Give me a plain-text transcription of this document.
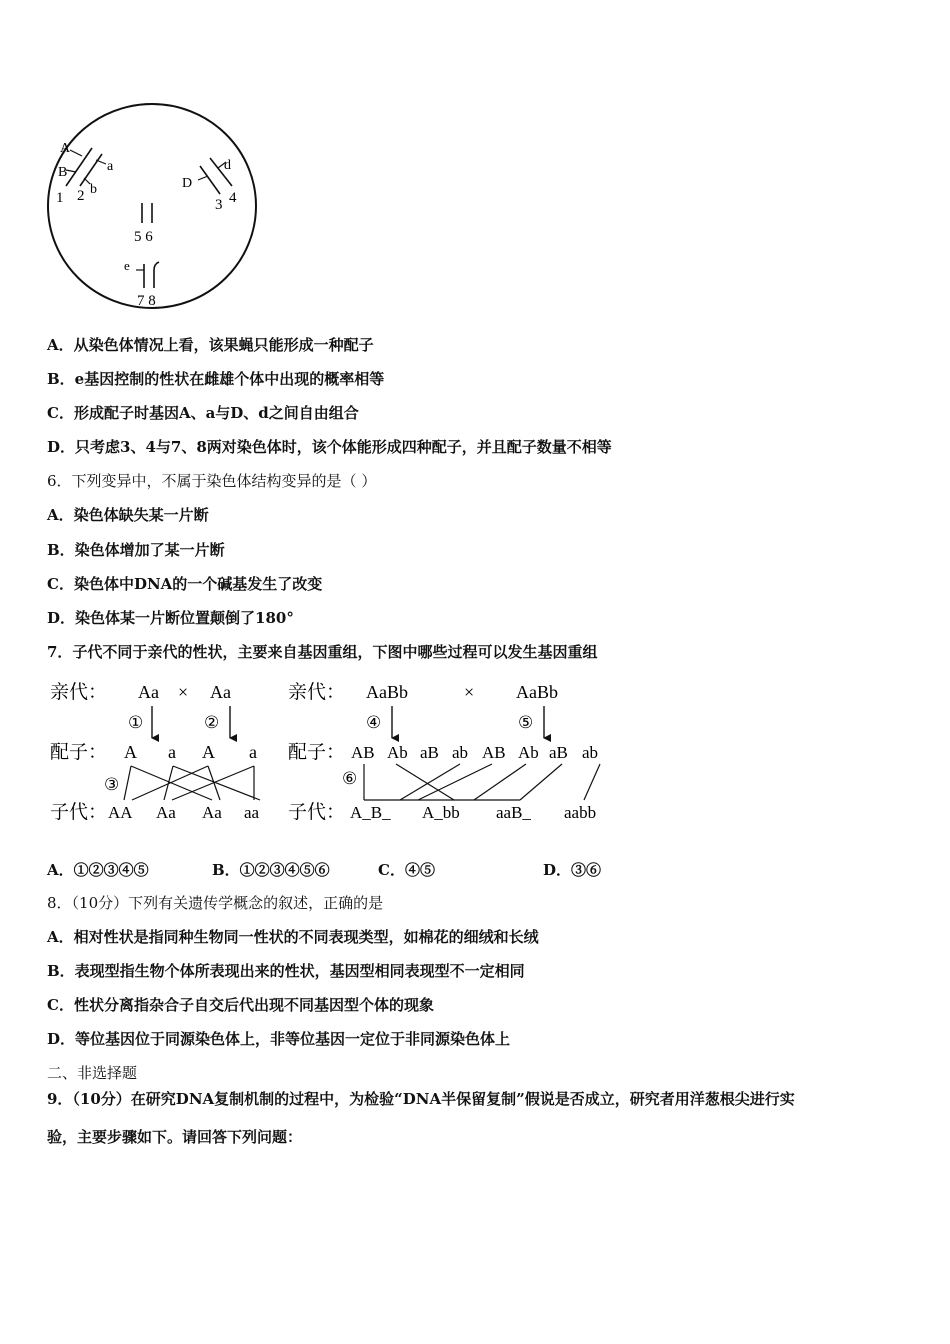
A
B	a
b
1 2
D
d
3 4
5 6
e
7 8
A．从染色体情况上看，该果蝇只能形成一种配子
B．e基因控制的性状在雌雄个体中出现的概率相等
C．形成配子时基因A、a与D、d之间自由组合
D．只考虑3、4与7、8两对染色体时，该个体能形成四种配子，并且配子数量不相等
6．下列变异中，不属于染色体结构变异的是（ ）
A．染色体缺失某一片断
B．染色体增加了某一片断
C．染色体中DNA的一个碱基发生了改变
D．染色体某一片断位置颠倒了180°
7．子代不同于亲代的性状，主要来自基因重组，下图中哪些过程可以发生基因重组
亲代： Aa × Aa
①	②
配子： A a A a
③
子代： AA Aa Aa aa
亲代： AaBb	× AaBb
④	⑤
配子： AB Ab aB ab AB Ab aB ab
⑥
子代： A_B_ A_bb aaB_ aabb
A．①②③④⑤	B．①②③④⑤⑥	C．④⑤	D．③⑥
8．（10分）下列有关遗传学概念的叙述，正确的是
A．相对性状是指同种生物同一性状的不同表现类型，如棉花的细绒和长绒
B．表现型指生物个体所表现出来的性状，基因型相同表现型不一定相同
C．性状分离指杂合子自交后代出现不同基因型个体的现象
D．等位基因位于同源染色体上，非等位基因一定位于非同源染色体上
二、非选择题
9．（10分）在研究DNA复制机制的过程中，为检验“DNA半保留复制”假说是否成立，研究者用洋葱根尖进行实
验，主要步骤如下。请回答下列问题：
